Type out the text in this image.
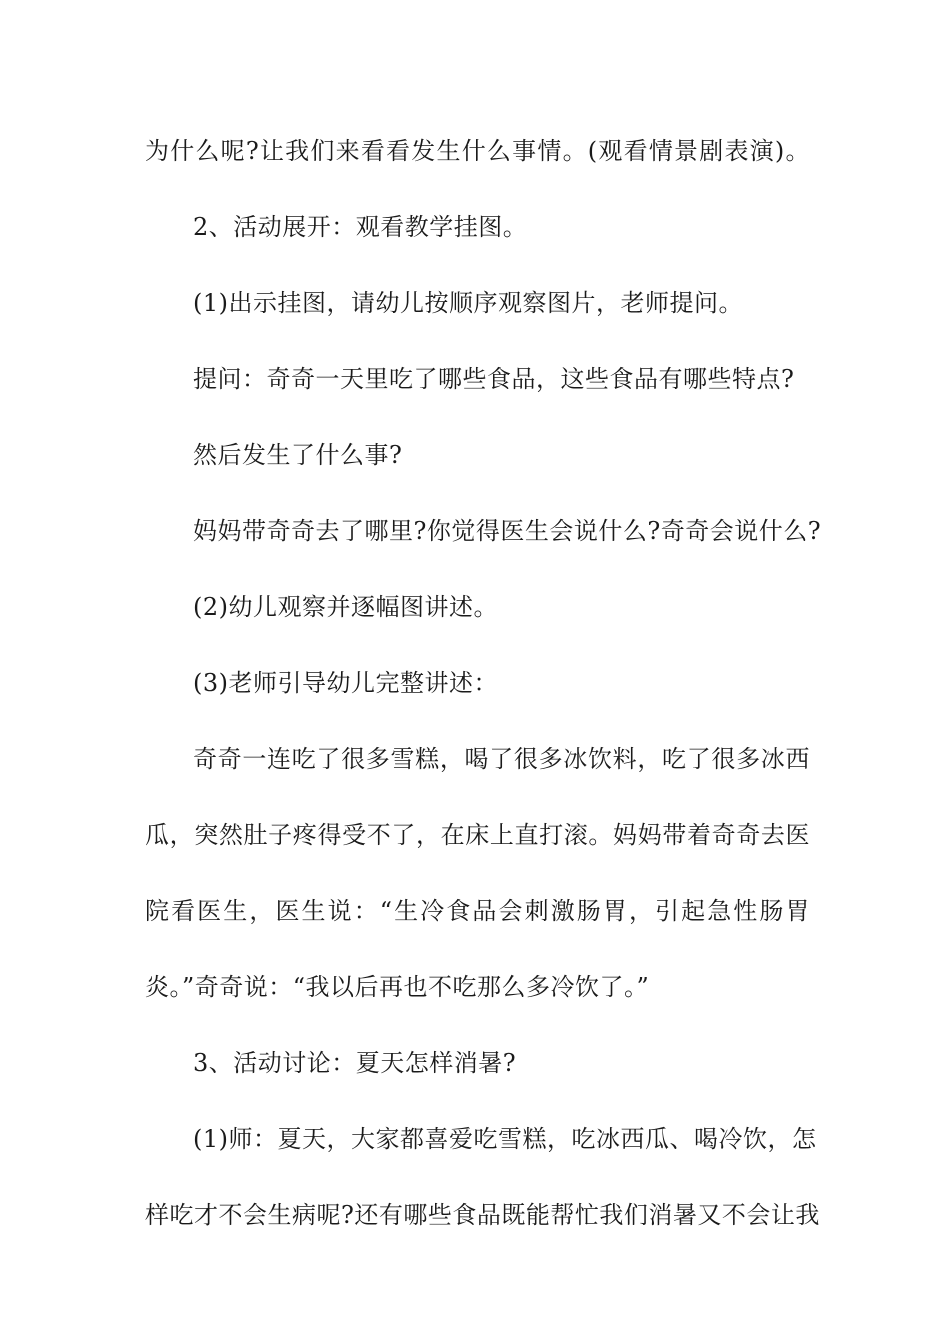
为什么呢?让我们来看看发生什么事情。(观看情景剧表演)。
2、活动展开：观看教学挂图。
(1)出示挂图，请幼儿按顺序观察图片，老师提问。
提问：奇奇一天里吃了哪些食品，这些食品有哪些特点?
然后发生了什么事?
妈妈带奇奇去了哪里?你觉得医生会说什么?奇奇会说什么?
(2)幼儿观察并逐幅图讲述。
(3)老师引导幼儿完整讲述：
奇奇一连吃了很多雪糕，喝了很多冰饮料，吃了很多冰西
瓜，突然肚子疼得受不了，在床上直打滚。妈妈带着奇奇去医
院看医生，医生说：“生冷食品会刺激肠胃，引起急性肠胃
炎。”奇奇说：“我以后再也不吃那么多冷饮了。”
3、活动讨论：夏天怎样消暑?
(1)师：夏天，大家都喜爱吃雪糕，吃冰西瓜、喝冷饮，怎
样吃才不会生病呢?还有哪些食品既能帮忙我们消暑又不会让我
